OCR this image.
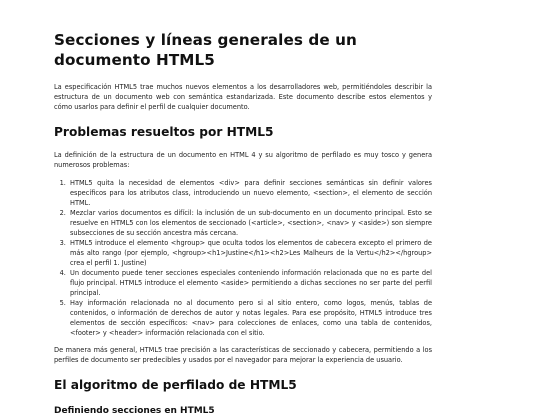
Secciones y líneas generales de un documento HTML5

La especificación HTML5 trae muchos nuevos elementos a los desarrolladores web, permitiéndoles describir la estructura de un documento web con semántica estandarizada. Este documento describe estos elementos y cómo usarlos para definir el perfil de cualquier documento.

Problemas resueltos por HTML5

La definición de la estructura de un documento en HTML 4 y su algoritmo de perfilado es muy tosco y genera numerosos problemas:

1. HTML5 quita la necesidad de elementos <div> para definir secciones semánticas sin definir valores específicos para los atributos class, introduciendo un nuevo elemento, <section>, el elemento de sección HTML.
2. Mezclar varios documentos es difícil: la inclusión de un sub-documento en un documento principal. Esto se resuelve en HTML5 con los elementos de seccionado (<article>, <section>, <nav> y <aside>) son siempre subsecciones de su sección ancestra más cercana.
3. HTML5 introduce el elemento <hgroup> que oculta todos los elementos de cabecera excepto el primero de más alto rango (por ejemplo, <hgroup><h1>Justine</h1><h2>Les Malheurs de la Vertu</h2></hgroup> crea el perfil 1. Justine)
4. Un documento puede tener secciones especiales conteniendo información relacionada que no es parte del flujo principal. HTML5 introduce el elemento <aside> permitiendo a dichas secciones no ser parte del perfil principal.
5. Hay información relacionada no al documento pero si al sitio entero, como logos, menús, tablas de contenidos, o información de derechos de autor y notas legales. Para ese propósito, HTML5 introduce tres elementos de sección específicos: <nav> para colecciones de enlaces, como una tabla de contenidos, <footer> y <header> información relacionada con el sitio.

De manera más general, HTML5 trae precisión a las características de seccionado y cabecera, permitiendo a los perfiles de documento ser predecibles y usados por el navegador para mejorar la experiencia de usuario.

El algoritmo de perfilado de HTML5
Definiendo secciones en HTML5
